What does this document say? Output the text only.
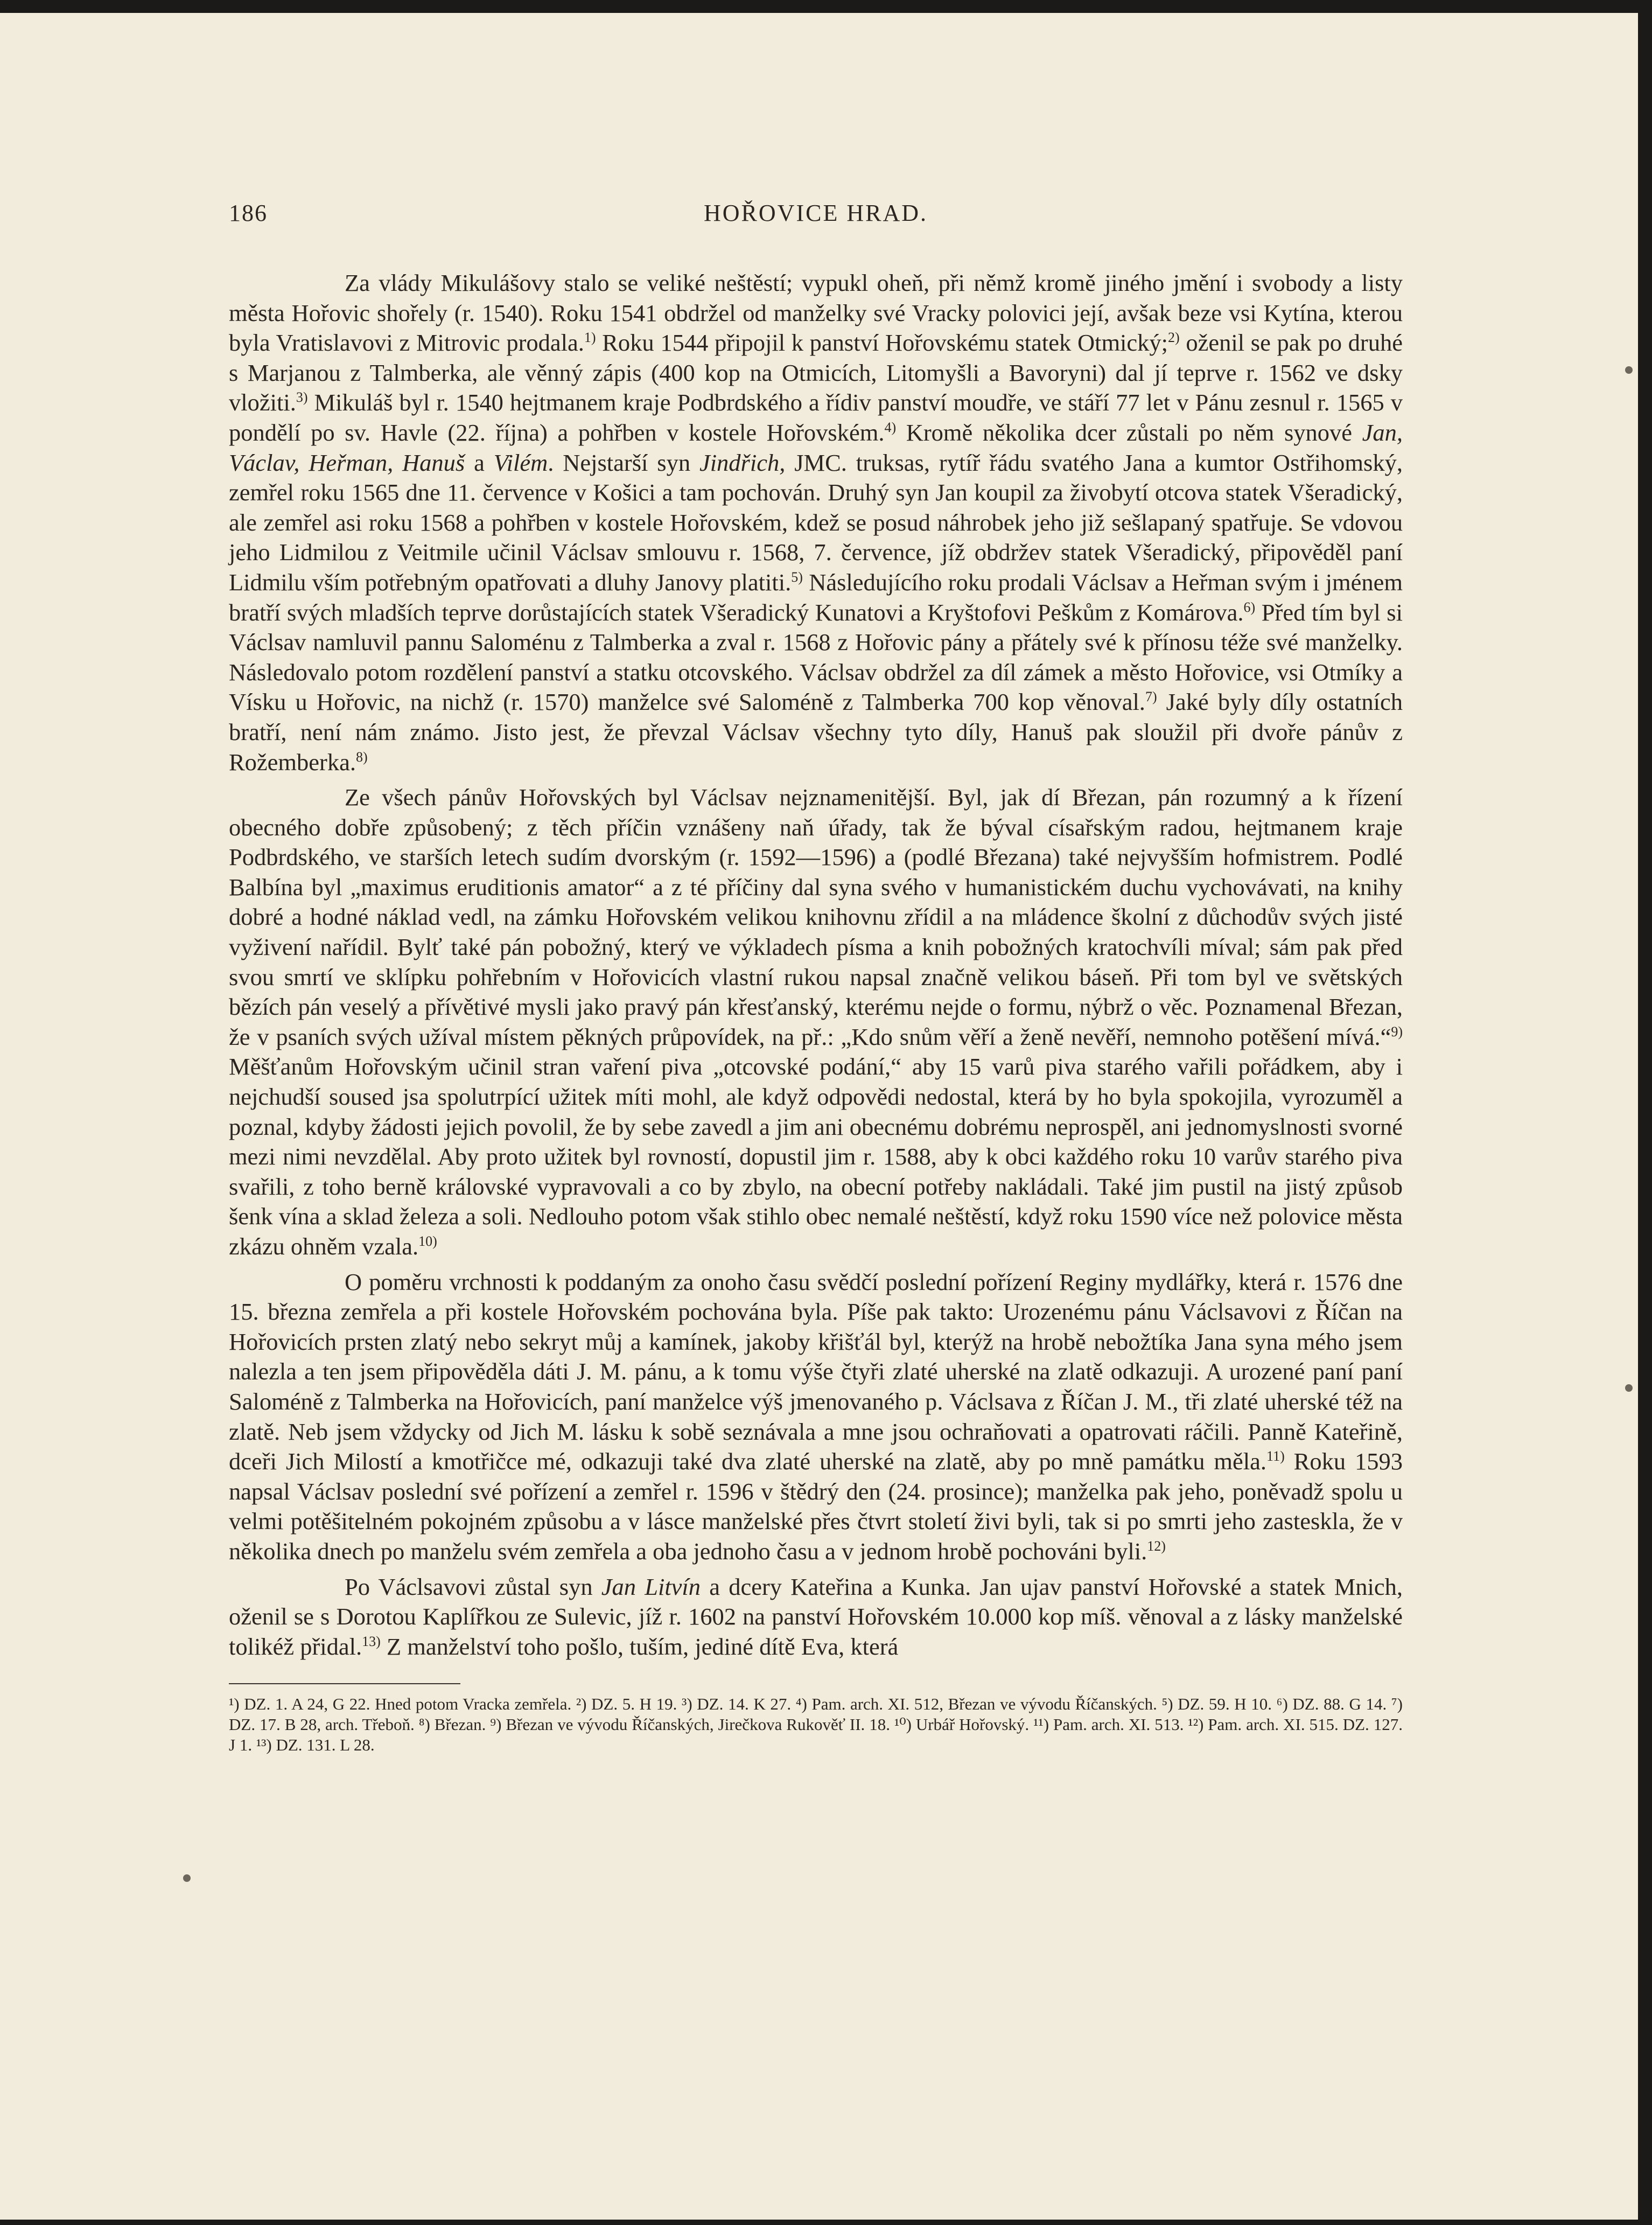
186	HOŘOVICE HRAD.

Za vlády Mikulášovy stalo se veliké neštěstí; vypukl oheň, při němž kromě jiného jmění i svobody a listy města Hořovic shořely (r. 1540). Roku 1541 obdržel od manželky své Vracky polovici její, avšak beze vsi Kytína, kterou byla Vratislavovi z Mitrovic prodala.$^{1)}$ Roku 1544 připojil k panství Hořovskému statek Otmický;$^{2)}$ oženil se pak po druhé s Marjanou z Talmberka, ale věnný zápis (400 kop na Otmicích, Litomyšli a Bavoryni) dal jí teprve r. 1562 ve dsky vložiti.$^{3)}$ Mikuláš byl r. 1540 hejtmanem kraje Podbrdského a řídiv panství moudře, ve stáří 77 let v Pánu zesnul r. 1565 v pondělí po sv. Havle (22. října) a pohřben v kostele Hořovském.$^{4)}$ Kromě několika dcer zůstali po něm synové Jan, Václav, Heřman, Hanuš a Vilém. Nejstarší syn Jindřich, JMC. truksas, rytíř řádu svatého Jana a kumtor Ostřihomský, zemřel roku 1565 dne 11. července v Košici a tam pochován. Druhý syn Jan koupil za živobytí otcova statek Všeradický, ale zemřel asi roku 1568 a pohřben v kostele Hořovském, kdež se posud náhrobek jeho již sešlapaný spatřuje. Se vdovou jeho Lidmilou z Veitmile učinil Václsav smlouvu r. 1568, 7. července, jíž obdržev statek Všeradický, připověděl paní Lidmilu vším potřebným opatřovati a dluhy Janovy platiti.$^{5)}$ Následujícího roku prodali Václsav a Heřman svým i jménem bratří svých mladších teprve dorůstajících statek Všeradický Kunatovi a Kryštofovi Peškům z Komárova.$^{6)}$ Před tím byl si Václsav namluvil pannu Saloménu z Talmberka a zval r. 1568 z Hořovic pány a přátely své k přínosu téže své manželky. Následovalo potom rozdělení panství a statku otcovského. Václsav obdržel za díl zámek a město Hořovice, vsi Otmíky a Vísku u Hořovic, na nichž (r. 1570) manželce své Saloméně z Talmberka 700 kop věnoval.$^{7)}$ Jaké byly díly ostatních bratří, není nám známo. Jisto jest, že převzal Václsav všechny tyto díly, Hanuš pak sloužil při dvoře pánův z Rožemberka.$^{8)}$

Ze všech pánův Hořovských byl Václsav nejznamenitější. Byl, jak dí Březan, pán rozumný a k řízení obecného dobře způsobený; z těch příčin vznášeny naň úřady, tak že býval císařským radou, hejtmanem kraje Podbrdského, ve starších letech sudím dvorským (r. 1592—1596) a (podlé Březana) také nejvyšším hofmistrem. Podlé Balbína byl „maximus eruditionis amator“ a z té příčiny dal syna svého v humanistickém duchu vychovávati, na knihy dobré a hodné náklad vedl, na zámku Hořovském velikou knihovnu zřídil a na mládence školní z důchodův svých jisté vyživení nařídil. Bylť také pán pobožný, který ve výkladech písma a knih pobožných kratochvíli míval; sám pak před svou smrtí ve sklípku pohřebním v Hořovicích vlastní rukou napsal značně velikou báseň. Při tom byl ve světských bězích pán veselý a přívětivé mysli jako pravý pán křesťanský, kterému nejde o formu, nýbrž o věc. Poznamenal Březan, že v psaních svých užíval místem pěkných průpovídek, na př.: „Kdo snům věří a ženě nevěří, nemnoho potěšení mívá.“$^{9)}$ Měšťanům Hořovským učinil stran vaření piva „otcovské podání,“ aby 15 varů piva starého vařili pořádkem, aby i nejchudší soused jsa spolutrpící užitek míti mohl, ale když odpovědi nedostal, která by ho byla spokojila, vyrozuměl a poznal, kdyby žádosti jejich povolil, že by sebe zavedl a jim ani obecnému dobrému neprospěl, ani jednomyslnosti svorné mezi nimi nevzdělal. Aby proto užitek byl rovností, dopustil jim r. 1588, aby k obci každého roku 10 varův starého piva svařili, z toho berně královské vypravovali a co by zbylo, na obecní potřeby nakládali. Také jim pustil na jistý způsob šenk vína a sklad železa a soli. Nedlouho potom však stihlo obec nemalé neštěstí, když roku 1590 více než polovice města zkázu ohněm vzala.$^{10)}$

O poměru vrchnosti k poddaným za onoho času svědčí poslední pořízení Reginy mydlářky, která r. 1576 dne 15. března zemřela a při kostele Hořovském pochována byla. Píše pak takto: Urozenému pánu Václsavovi z Říčan na Hořovicích prsten zlatý nebo sekryt můj a kamínek, jakoby křišťál byl, kterýž na hrobě nebožtíka Jana syna mého jsem nalezla a ten jsem připověděla dáti J. M. pánu, a k tomu výše čtyři zlaté uherské na zlatě odkazuji. A urozené paní paní Saloméně z Talmberka na Hořovicích, paní manželce výš jmenovaného p. Václsava z Říčan J. M., tři zlaté uherské též na zlatě. Neb jsem vždycky od Jich M. lásku k sobě seznávala a mne jsou ochraňovati a opatrovati ráčili. Panně Kateřině, dceři Jich Milostí a kmotřičce mé, odkazuji také dva zlaté uherské na zlatě, aby po mně památku měla.$^{11)}$ Roku 1593 napsal Václsav poslední své pořízení a zemřel r. 1596 v štědrý den (24. prosince); manželka pak jeho, poněvadž spolu u velmi potěšitelném pokojném způsobu a v lásce manželské přes čtvrt století živi byli, tak si po smrti jeho zastesklа, že v několika dnech po manželu svém zemřela a oba jednoho času a v jednom hrobě pochováni byli.$^{12)}$

Po Václsavovi zůstal syn Jan Litvín a dcery Kateřina a Kunka. Jan ujav panství Hořovské a statek Mnich, oženil se s Dorotou Kaplířkou ze Sulevic, jíž r. 1602 na panství Hořovském 10.000 kop míš. věnoval a z lásky manželské tolikéž přidal.$^{13)}$ Z manželství toho pošlo, tuším, jediné dítě Eva, která

¹) DZ. 1. A 24, G 22. Hned potom Vracka zemřela. ²) DZ. 5. H 19. ³) DZ. 14. K 27. ⁴) Pam. arch. XI. 512, Březan ve vývodu Říčanských. ⁵) DZ. 59. H 10. ⁶) DZ. 88. G 14. ⁷) DZ. 17. B 28, arch. Třeboň. ⁸) Březan. ⁹) Březan ve vývodu Říčanských, Jirečkova Rukověť II. 18. ¹⁰) Urbář Hořovský. ¹¹) Pam. arch. XI. 513. ¹²) Pam. arch. XI. 515. DZ. 127. J 1. ¹³) DZ. 131. L 28.
